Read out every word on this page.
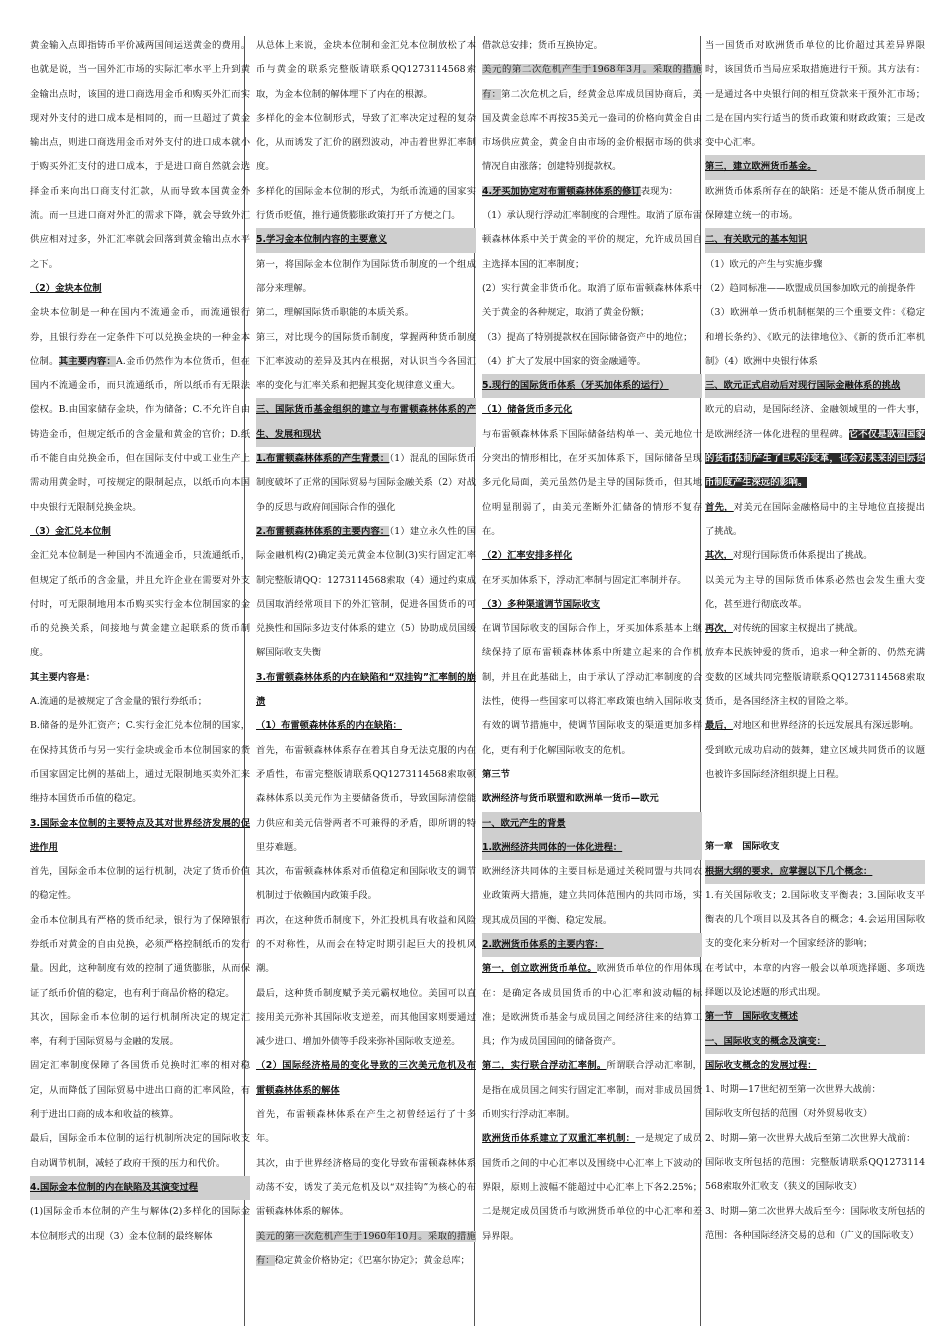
黄金输入点即指铸币平价减两国间运送黄金的费用。也就是说，当一国外汇市场的实际汇率水平上升到黄金输出点时，该国的进口商选用金币和购买外汇而实现对外支付的进口成本是相同的，而一旦超过了黄金输出点，则进口商选用金币对外支付的进口成本就小于购买外汇支付的进口成本，于是进口商自然就会选择金币来向出口商支付汇款，从而导致本国黄金外流。而一旦进口商对外汇的需求下降，就会导致外汇供应相对过多，外汇汇率就会回落到黄金输出点水平之下。

（2）金块本位制

金块本位制是一种在国内不流通金币，而流通银行券，且银行券在一定条件下可以兑换金块的一种金本位制。其主要内容：A.金币仍然作为本位货币，但在国内不流通金币，而只流通纸币，所以纸币有无限法偿权。B.由国家储存金块，作为储备；C.不允许自由铸造金币，但规定纸币的含金量和黄金的官价；D.纸币不能自由兑换金币，但在国际支付中或工业生产上需动用黄金时，可按规定的限制起点，以纸币向本国中央银行无限制兑换金块。

（3）金汇兑本位制

金汇兑本位制是一种国内不流通金币，只流通纸币，但规定了纸币的含金量，并且允许企业在需要对外支付时，可无限制地用本币购买实行金本位制国家的金币的兑换关系，间接地与黄金建立起联系的货币制度。

其主要内容是：

A.流通的是被规定了含金量的银行券纸币；

B.储备的是外汇资产；C.实行金汇兑本位制的国家，在保持其货币与另一实行金块或金币本位制国家的货币国家固定比例的基础上，通过无限制地买卖外汇来维持本国货币币值的稳定。

3.国际金本位制的主要特点及其对世界经济发展的促进作用

首先，国际金币本位制的运行机制，决定了货币价值的稳定性。

金币本位制具有严格的货币纪录，银行为了保障银行券纸币对黄金的自由兑换，必须严格控制纸币的发行量。因此，这种制度有效的控制了通货膨胀，从而保证了纸币价值的稳定，也有利于商品价格的稳定。

其次，国际金币本位制的运行机制所决定的规定汇率，有利于国际贸易与金融的发展。

固定汇率制度保障了各国货币兑换时汇率的相对稳定，从而降低了国际贸易中进出口商的汇率风险，有利于进出口商的成本和收益的核算。

最后，国际金币本位制的运行机制所决定的国际收支自动调节机制，减轻了政府干预的压力和代价。

4.国际金本位制的内在缺陷及其演变过程

(1)国际金币本位制的产生与解体(2)多样化的国际金本位制形式的出现（3）金本位制的最终解体

从总体上来说，金块本位制和金汇兑本位制放松了本币与黄金的联系完整版请联系QQ1273114568索取，为金本位制的解体埋下了内在的根源。

多样化的金本位制形式，导致了汇率决定过程的复杂化，从而诱发了汇价的剧烈波动，冲击着世界汇率制度。

多样化的国际金本位制的形式，为纸币流通的国家实行货币贬值，推行通货膨胀政策打开了方便之门。

5.学习金本位制内容的主要意义

第一，将国际金本位制作为国际货币制度的一个组成部分来理解。

第二，理解国际货币职能的本质关系。

第三，对比现今的国际货币制度，掌握两种货币制度下汇率波动的差异及其内在根据，对认识当今各国汇率的变化与汇率关系和把握其变化规律意义重大。

三、国际货币基金组织的建立与布雷顿森林体系的产生、发展和现状

1.布雷顿森林体系的产生背景：（1）混乱的国际货币制度破坏了正常的国际贸易与国际金融关系（2）对战争的反思与政府间国际合作的强化

2.布雷顿森林体系的主要内容：（1）建立永久性的国际金融机构(2)确定美元黄金本位制(3)实行固定汇率制完整版请QQ：1273114568索取（4）通过约束成员国取消经常项目下的外汇管制，促进各国货币的可兑换性和国际多边支付体系的建立（5）协助成员国缓解国际收支失衡

3.布雷顿森林体系的内在缺陷和“双挂钩”汇率制的崩溃

（1）布雷顿森林体系的内在缺陷：

首先，布雷顿森林体系存在着其自身无法克服的内在矛盾性，布雷完整版请联系QQ1273114568索取顿森林体系以美元作为主要储备货币，导致国际清偿能力供应和美元信誉两者不可兼得的矛盾，即所谓的特里芬难题。

其次，布雷顿森林体系对币值稳定和国际收支的调节机制过于依赖国内政策手段。

再次，在这种货币制度下，外汇投机具有收益和风险的不对称性，从而会在特定时期引起巨大的投机风潮。

最后，这种货币制度赋予美元霸权地位。美国可以直接用美元弥补其国际收支逆差，而其他国家则要通过减少进口、增加外债等手段来弥补国际收支逆差。

（2）国际经济格局的变化导致的三次美元危机及布雷顿森林体系的解体

首先，布雷顿森林体系在产生之初曾经运行了十多年。

其次，由于世界经济格局的变化导致布雷顿森林体系动荡不安，诱发了美元危机及以“双挂钩”为核心的布雷顿森林体系的解体。

美元的第一次危机产生于1960年10月。采取的措施有：稳定黄金价格协定；《巴塞尔协定》；黄金总库；

借款总安排；货币互换协定。

美元的第二次危机产生于1968年3月。采取的措施有：第二次危机之后，经黄金总库成员国协商后，美国及黄金总库不再按35美元一盎司的价格向黄金自由市场供应黄金，黄金自由市场的金价根据市场的供求情况自由涨落；创建特别提款权。

4.牙买加协定对布雷顿森林体系的修订表现为：

（1）承认现行浮动汇率制度的合理性。取消了原布雷顿森林体系中关于黄金的平价的规定，允许成员国自主选择本国的汇率制度；

(2）实行黄金非货币化。取消了原布雷顿森林体系中关于黄金的各种规定，取消了黄金份额；

（3）提高了特别提款权在国际储备资产中的地位；

（4）扩大了发展中国家的资金融通等。

5.现行的国际货币体系（牙买加体系的运行）

（1）储备货币多元化

与布雷顿森林体系下国际储备结构单一、美元地位十分突出的情形相比，在牙买加体系下，国际储备呈现多元化局面，美元虽然仍是主导的国际货币，但其地位明显削弱了，由美元垄断外汇储备的情形不复存在。

（2）汇率安排多样化

在牙买加体系下，浮动汇率制与固定汇率制并存。

（3）多种渠道调节国际收支

在调节国际收支的国际合作上，牙买加体系基本上继续保持了原布雷顿森林体系中所建立起来的合作机制，并且在此基础上，由于承认了浮动汇率制度的合法性，使得一些国家可以将汇率政策也纳入国际收支有效的调节措施中，使调节国际收支的渠道更加多样化，更有利于化解国际收支的危机。

第三节

欧洲经济与货币联盟和欧洲单一货币—欧元

一、欧元产生的背景

1.欧洲经济共同体的一体化进程：

欧洲经济共同体的主要目标是通过关税同盟与共同农业政策两大措施，建立共同体范围内的共同市场，实现其成员国的平衡、稳定发展。

2.欧洲货币体系的主要内容：

第一，创立欧洲货币单位。欧洲货币单位的作用体现在：是确定各成员国货币的中心汇率和波动幅的标准；是欧洲货币基金与成员国之间经济往来的结算工具；作为成员国国间的储备资产。

第二，实行联合浮动汇率制。所谓联合浮动汇率制，是指在成员国之间实行固定汇率制，而对非成员国货币则实行浮动汇率制。

欧洲货币体系建立了双重汇率机制：一是规定了成员国货币之间的中心汇率以及围绕中心汇率上下波动的界限，原则上波幅不能超过中心汇率上下各2.25%；二是规定成员国货币与欧洲货币单位的中心汇率和差异界限。

当一国货币对欧洲货币单位的比价超过其差异界限时，该国货币当局应采取措施进行干预。其方法有：一是通过各中央银行间的相互贷款来干预外汇市场；二是在国内实行适当的货币政策和财政政策；三是改变中心汇率。

第三，建立欧洲货币基金。

欧洲货币体系所存在的缺陷：还是不能从货币制度上保障建立统一的市场。

二、有关欧元的基本知识

（1）欧元的产生与实施步骤

（2）趋同标准——欧盟成员国参加欧元的前提条件

（3）欧洲单一货币机制框架的三个重要文件：《稳定和增长条约》、《欧元的法律地位》、《新的货币汇率机制》（4）欧洲中央银行体系

三、欧元正式启动后对现行国际金融体系的挑战

欧元的启动，是国际经济、金融领域里的一件大事，是欧洲经济一体化进程的里程碑。它不仅是欧盟国家的货币体制产生了巨大的变革，也会对未来的国际货币制度产生深远的影响。

首先，对美元在国际金融格局中的主导地位直接提出了挑战。

其次，对现行国际货币体系提出了挑战。

以美元为主导的国际货币体系必然也会发生重大变化，甚至进行彻底改革。

再次，对传统的国家主权提出了挑战。

放弃本民族钟爱的货币，追求一种全新的、仍然充满变数的区域共同完整版请联系QQ1273114568索取货币，是各国经济主权的冒险之举。

最后，对地区和世界经济的长远发展具有深远影响。

受到欧元成功启动的鼓舞，建立区域共同货币的议题也被许多国际经济组织提上日程。

第一章　国际收支

根据大纲的要求，应掌握以下几个概念：

1.有关国际收支；2.国际收支平衡表；3.国际收支平衡表的几个项目以及其各自的概念；4.会运用国际收支的变化来分析对一个国家经济的影响；

在考试中，本章的内容一般会以单项选择题、多项选择题以及论述题的形式出现。

第一节　国际收支概述

一、国际收支的概念及演变：

国际收支概念的发展过程：

1、时期—17世纪初至第一次世界大战前：

国际收支所包括的范围（对外贸易收支）

2、时期—第一次世界大战后至第二次世界大战前：

国际收支所包括的范围：完整版请联系QQ1273114568索取外汇收支（狭义的国际收支）

3、时期—第二次世界大战后至今：国际收支所包括的范围：各种国际经济交易的总和（广义的国际收支）
